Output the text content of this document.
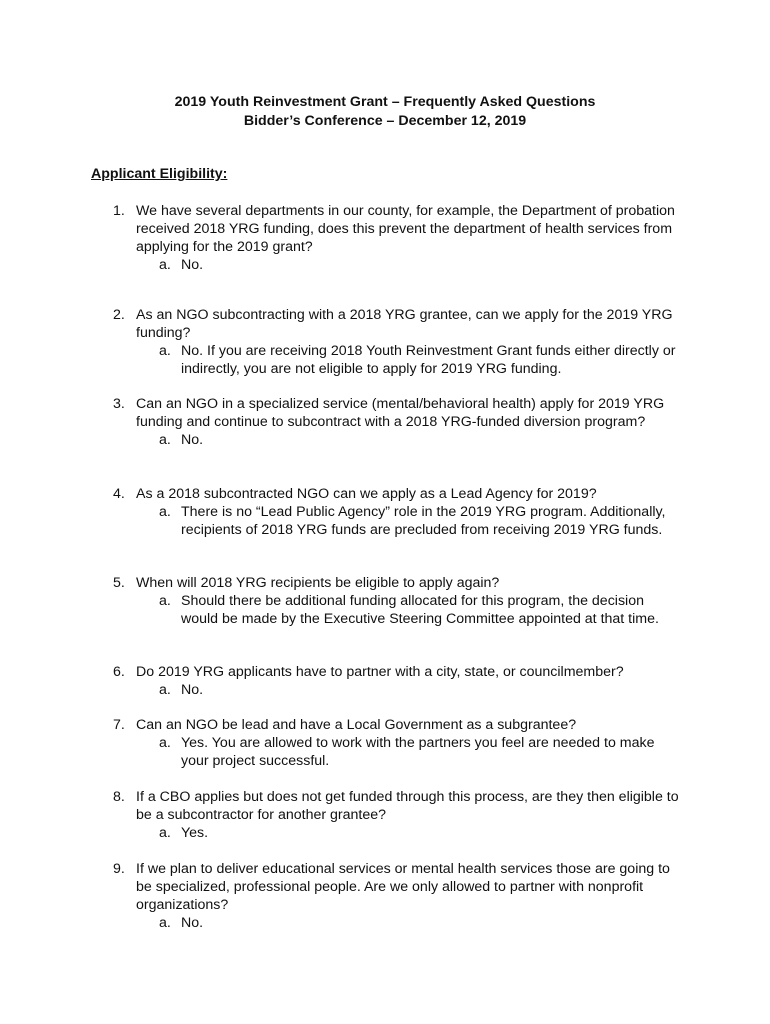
2019 Youth Reinvestment Grant – Frequently Asked Questions
Bidder’s Conference – December 12, 2019
Applicant Eligibility:
1. We have several departments in our county, for example, the Department of probation received 2018 YRG funding, does this prevent the department of health services from applying for the 2019 grant?
a. No.
2. As an NGO subcontracting with a 2018 YRG grantee, can we apply for the 2019 YRG funding?
a. No. If you are receiving 2018 Youth Reinvestment Grant funds either directly or indirectly, you are not eligible to apply for 2019 YRG funding.
3. Can an NGO in a specialized service (mental/behavioral health) apply for 2019 YRG funding and continue to subcontract with a 2018 YRG-funded diversion program?
a. No.
4. As a 2018 subcontracted NGO can we apply as a Lead Agency for 2019?
a. There is no “Lead Public Agency” role in the 2019 YRG program. Additionally, recipients of 2018 YRG funds are precluded from receiving 2019 YRG funds.
5. When will 2018 YRG recipients be eligible to apply again?
a. Should there be additional funding allocated for this program, the decision would be made by the Executive Steering Committee appointed at that time.
6. Do 2019 YRG applicants have to partner with a city, state, or councilmember?
a. No.
7. Can an NGO be lead and have a Local Government as a subgrantee?
a. Yes. You are allowed to work with the partners you feel are needed to make your project successful.
8. If a CBO applies but does not get funded through this process, are they then eligible to be a subcontractor for another grantee?
a. Yes.
9. If we plan to deliver educational services or mental health services those are going to be specialized, professional people. Are we only allowed to partner with nonprofit organizations?
a. No.
